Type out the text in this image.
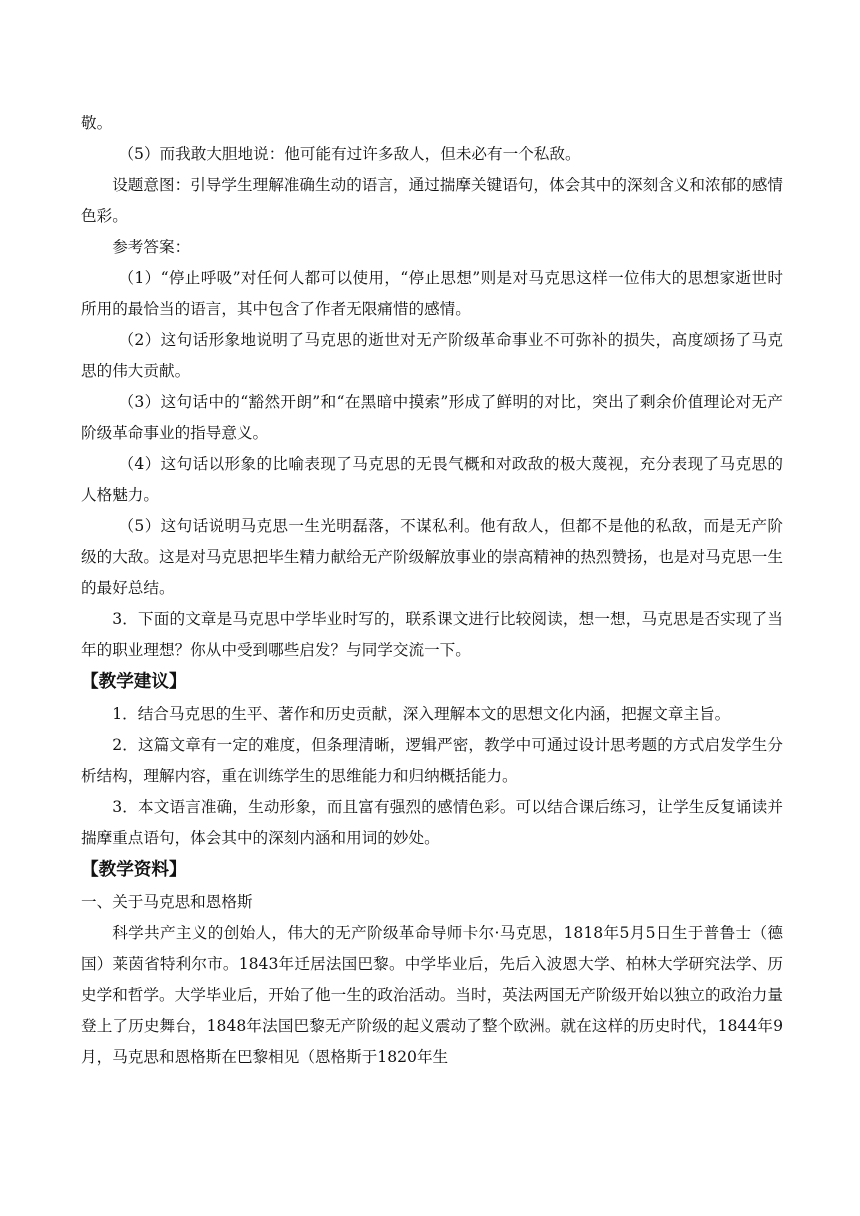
敬。

（5）而我敢大胆地说：他可能有过许多敌人，但未必有一个私敌。

设题意图：引导学生理解准确生动的语言，通过揣摩关键语句，体会其中的深刻含义和浓郁的感情色彩。

参考答案：

（1）“停止呼吸”对任何人都可以使用，“停止思想”则是对马克思这样一位伟大的思想家逝世时所用的最恰当的语言，其中包含了作者无限痛惜的感情。

（2）这句话形象地说明了马克思的逝世对无产阶级革命事业不可弥补的损失，高度颂扬了马克思的伟大贡献。

（3）这句话中的“豁然开朗”和“在黑暗中摸索”形成了鲜明的对比，突出了剩余价值理论对无产阶级革命事业的指导意义。

（4）这句话以形象的比喻表现了马克思的无畏气概和对政敌的极大蔑视，充分表现了马克思的人格魅力。

（5）这句话说明马克思一生光明磊落，不谋私利。他有敌人，但都不是他的私敌，而是无产阶级的大敌。这是对马克思把毕生精力献给无产阶级解放事业的崇高精神的热烈赞扬，也是对马克思一生的最好总结。

3．下面的文章是马克思中学毕业时写的，联系课文进行比较阅读，想一想，马克思是否实现了当年的职业理想？你从中受到哪些启发？与同学交流一下。

【教学建议】

1．结合马克思的生平、著作和历史贡献，深入理解本文的思想文化内涵，把握文章主旨。

2．这篇文章有一定的难度，但条理清晰，逻辑严密，教学中可通过设计思考题的方式启发学生分析结构，理解内容，重在训练学生的思维能力和归纳概括能力。

3．本文语言准确，生动形象，而且富有强烈的感情色彩。可以结合课后练习，让学生反复诵读并揣摩重点语句，体会其中的深刻内涵和用词的妙处。

【教学资料】

一、关于马克思和恩格斯

科学共产主义的创始人，伟大的无产阶级革命导师卡尔·马克思，1818年5月5日生于普鲁士（德国）莱茵省特利尔市。1843年迁居法国巴黎。中学毕业后，先后入波恩大学、柏林大学研究法学、历史学和哲学。大学毕业后，开始了他一生的政治活动。当时，英法两国无产阶级开始以独立的政治力量登上了历史舞台，1848年法国巴黎无产阶级的起义震动了整个欧洲。就在这样的历史时代，1844年9月，马克思和恩格斯在巴黎相见（恩格斯于1820年生
